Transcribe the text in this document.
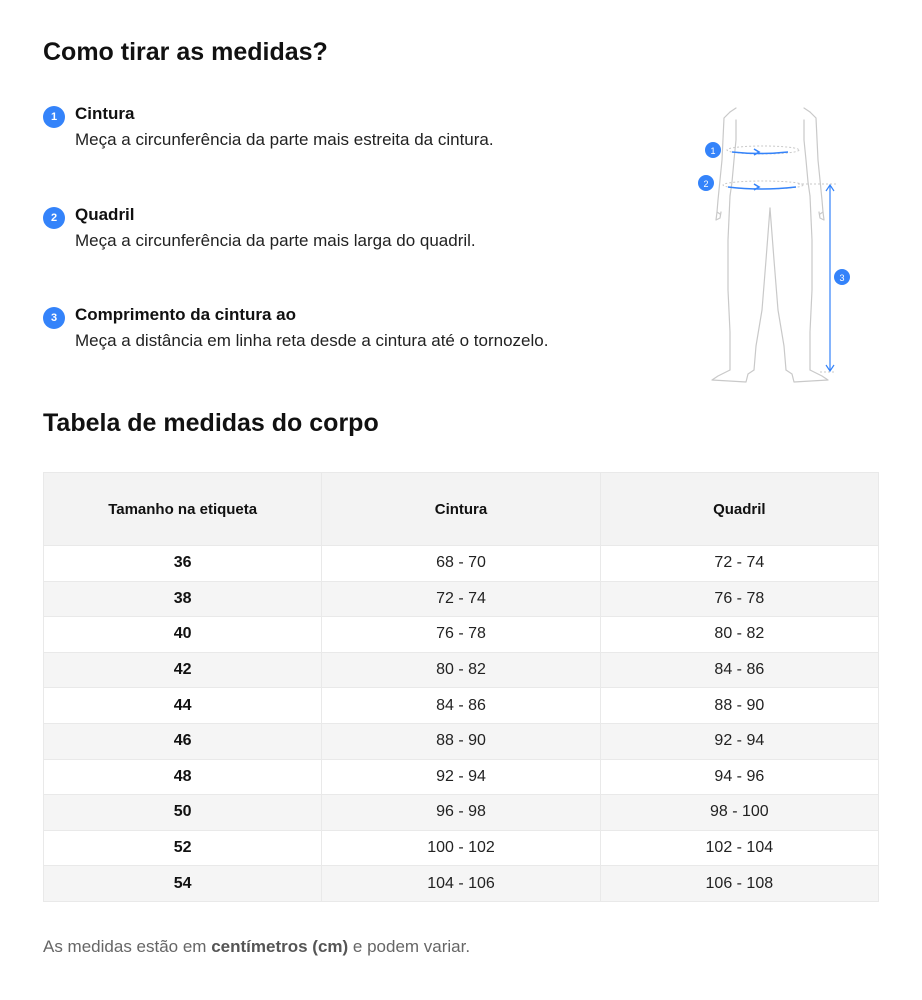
Como tirar as medidas?
1	Cintura
Meça a circunferência da parte mais estreita da cintura.
2	Quadril
Meça a circunferência da parte mais larga do quadril.
3	Comprimento da cintura ao
Meça a distância em linha reta desde a cintura até o tornozelo.
1
2
3
Tabela de medidas do corpo
Tamanho na etiqueta	Cintura	Quadril
36	68 - 70	72 - 74
38	72 - 74	76 - 78
40	76 - 78	80 - 82
42	80 - 82	84 - 86
44	84 - 86	88 - 90
46	88 - 90	92 - 94
48	92 - 94	94 - 96
50	96 - 98	98 - 100
52	100 - 102	102 - 104
54	104 - 106	106 - 108
As medidas estão em centímetros (cm) e podem variar.
